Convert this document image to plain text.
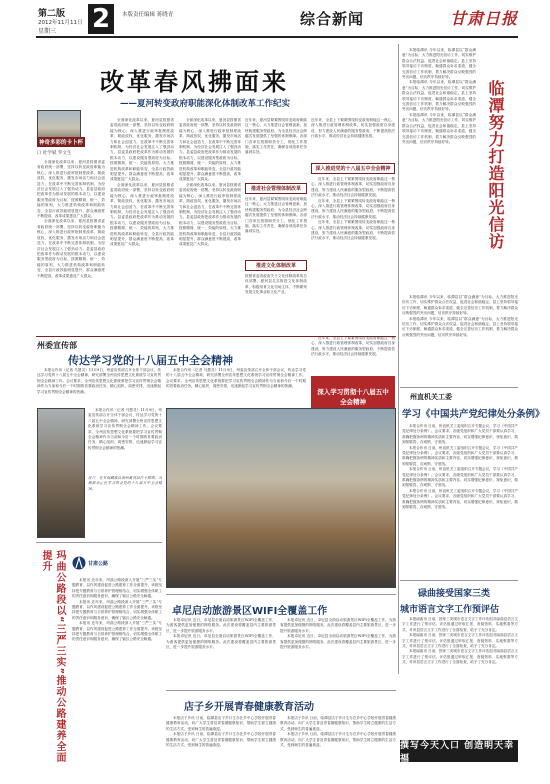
第二版
2012年11月11日
星期三 2	本版责任编辑 蒋晓青	综合新闻	甘肃日报
改革春风拂面来
——夏河转变政府职能深化体制改革工作纪实
神奇多彩的卡卜杯
口 杜学斌 罗文生

全面深化改革以来，夏河县按照省委省政府统一部署，坚持以转变政府职能为核心，深入推进行政审批制度改革，简政放权、优化服务，激发市场活力和社会创造力，在改革中不断完善体制机制，为经济社会发展注入了强劲动力。县委县政府把改革作为推动发展的根本动力，以建设服务型政府为目标，按照精简、统一、效能的原则，大力推进机构改革和职能转变，全县行政效能明显提升，群众满意度不断提高，改革成果惠及广大群众。

全面深化改革以来，夏河县按照省委省政府统一部署，坚持以转变政府职能为核心，深入推进行政审批制度改革，简政放权、优化服务，激发市场活力和社会创造力，在改革中不断完善体制机制，为经济社会发展注入了强劲动力。县委县政府把改革作为推动发展的根本动力，以建设服务型政府为目标，按照精简、统一、效能的原则，大力推进机构改革和职能转变，全县行政效能明显提升，群众满意度不断提高，改革成果惠及广大群众。

全面深化改革以来，夏河县按照省委省政府统一部署，坚持以转变政府职能为核心，深入推进行政审批制度改革，简政放权、优化服务，激发市场活力和社会创造力，在改革中不断完善体制机制，为经济社会发展注入了强劲动力。县委县政府把改革作为推动发展的根本动力，以建设服务型政府为目标，按照精简、统一、效能的原则，大力推进机构改革和职能转变，全县行政效能明显提升，群众满意度不断提高，改革成果惠及广大群众。

全面深化改革以来，夏河县按照省委省政府统一部署，坚持以转变政府职能为核心，深入推进行政审批制度改革，简政放权、优化服务，激发市场活力和社会创造力，在改革中不断完善体制机制，为经济社会发展注入了强劲动力。县委县政府把改革作为推动发展的根本动力，以建设服务型政府为目标，按照精简、统一、效能的原则，大力推进机构改革和职能转变，全县行政效能明显提升，群众满意度不断提高，改革成果惠及广大群众。

全面深化改革以来，夏河县按照省委省政府统一部署，坚持以转变政府职能为核心，深入推进行政审批制度改革，简政放权、优化服务，激发市场活力和社会创造力，在改革中不断完善体制机制，为经济社会发展注入了强劲动力。县委县政府把改革作为推动发展的根本动力，以建设服务型政府为目标，按照精简、统一、效能的原则，大力推进机构改革和职能转变，全县行政效能明显提升，群众满意度不断提高，改革成果惠及广大群众。

全面深化改革以来，夏河县按照省委省政府统一部署，坚持以转变政府职能为核心，深入推进行政审批制度改革，简政放权、优化服务，激发市场活力和社会创造力，在改革中不断完善体制机制，为经济社会发展注入了强劲动力。县委县政府把改革作为推动发展的根本动力，以建设服务型政府为目标，按照精简、统一、效能的原则，大力推进机构改革和职能转变，全县行政效能明显提升，群众满意度不断提高，改革成果惠及广大群众。

近年来，夏河县紧紧围绕转变政府职能这一核心，大力推进社会管理创新，加快构建服务型政府，为全县经济社会跨越式发展提供了坚强的体制保障。各部门各单位按照职责分工，细化工作措施，落实工作责任，确保各项改革任务落到实处。
推进社会管理体制改革
近年来，夏河县紧紧围绕转变政府职能这一核心，大力推进社会管理创新，加快构建服务型政府，为全县经济社会跨越式发展提供了坚强的体制保障。各部门各单位按照职责分工，细化工作措施，落实工作责任，确保各项改革任务落到实处。
推进文化体制改革
按照省委省政府关于文化体制改革的总体部署，夏河县扎实推进文化体制改革，积极培育文化市场主体，不断繁荣发展文化事业和文化产业。
近年来，全县上下紧紧围绕转变政府职能这一核心，深入推进行政管理体制改革，切实加强政府自身建设，努力建设人民满意的服务型政府，不断提高依法行政水平，推动经济社会持续健康发展。
深入推进党的十八届五中全会精神

近年来，全县上下紧紧围绕转变政府职能这一核心，深入推进行政管理体制改革，切实加强政府自身建设，努力建设人民满意的服务型政府，不断提高依法行政水平，推动经济社会持续健康发展。

近年来，全县上下紧紧围绕转变政府职能这一核心，深入推进行政管理体制改革，切实加强政府自身建设，努力建设人民满意的服务型政府，不断提高依法行政水平，推动经济社会持续健康发展。

近年来，全县上下紧紧围绕转变政府职能这一核心，深入推进行政管理体制改革，切实加强政府自身建设，努力建设人民满意的服务型政府，不断提高依法行政水平，推动经济社会持续健康发展。

本报临潭讯 今年以来，临潭县以“群众满意”为目标，大力推进阳光信访工作，切实维护群众合法权益，促进社会和谐稳定。县上坚持领导接访下访制度，畅通群众诉求渠道，健全完善信访工作机制，着力解决群众反映强烈的突出问题，信访秩序持续好转。

本报临潭讯 今年以来，临潭县以“群众满意”为目标，大力推进阳光信访工作，切实维护群众合法权益，促进社会和谐稳定。县上坚持领导接访下访制度，畅通群众诉求渠道，健全完善信访工作机制，着力解决群众反映强烈的突出问题，信访秩序持续好转。

本报临潭讯 今年以来，临潭县以“群众满意”为目标，大力推进阳光信访工作，切实维护群众合法权益，促进社会和谐稳定。县上坚持领导接访下访制度，畅通群众诉求渠道，健全完善信访工作机制，着力解决群众反映强烈的突出问题，信访秩序持续好转。	临潭努力打造阳光信访

本报临潭讯 今年以来，临潭县以“群众满意”为目标，大力推进阳光信访工作，切实维护群众合法权益，促进社会和谐稳定。县上坚持领导接访下访制度，畅通群众诉求渠道，健全完善信访工作机制，着力解决群众反映强烈的突出问题，信访秩序持续好转。

本报临潭讯 今年以来，临潭县以“群众满意”为目标，大力推进阳光信访工作，切实维护群众合法权益，促进社会和谐稳定。县上坚持领导接访下访制度，畅通群众诉求渠道，健全完善信访工作机制，着力解决群众反映强烈的突出问题，信访秩序持续好转。

州直机关工委
学习《中国共产党纪律处分条例》

本报合作讯 日前，州直机关工委组织召开专题会议，学习《中国共产党纪律处分条例》。会议要求，各级党组织和广大党员干部要认真学习、准确把握条例的精神实质和主要内容，切实增强纪律意识、规矩意识，做到知敬畏、存戒惧、守底线。

本报合作讯 日前，州直机关工委组织召开专题会议，学习《中国共产党纪律处分条例》。会议要求，各级党组织和广大党员干部要认真学习、准确把握条例的精神实质和主要内容，切实增强纪律意识、规矩意识，做到知敬畏、存戒惧、守底线。

本报合作讯 日前，州直机关工委组织召开专题会议，学习《中国共产党纪律处分条例》。会议要求，各级党组织和广大党员干部要认真学习、准确把握条例的精神实质和主要内容，切实增强纪律意识、规矩意识，做到知敬畏、存戒惧、守底线。

本报合作讯 日前，州直机关工委组织召开专题会议，学习《中国共产党纪律处分条例》。会议要求，各级党组织和广大党员干部要认真学习、准确把握条例的精神实质和主要内容，切实增强纪律意识、规矩意识，做到知敬畏、存戒惧、守底线。

碌曲接受国家三类
城市语言文字工作预评估

本报碌曲讯 日前，国家三类城市语言文字工作评估组对碌曲县语言文字工作进行了预评估。评估组通过听取汇报、查阅资料、实地察看等方式，对该县语言文字工作进行了全面检查，给予了充分肯定。

本报碌曲讯 日前，国家三类城市语言文字工作评估组对碌曲县语言文字工作进行了预评估。评估组通过听取汇报、查阅资料、实地察看等方式，对该县语言文字工作进行了全面检查，给予了充分肯定。

本报碌曲讯 日前，国家三类城市语言文字工作评估组对碌曲县语言文字工作进行了预评估。评估组通过听取汇报、查阅资料、实地察看等方式，对该县语言文字工作进行了全面检查，给予了充分肯定。

撰写今天入口 创造明天幸福
州委宣传部
传达学习党的十八届五中全会精神

本报合作讯（记者 马慧灵）11月9日，州委宣传部召开全体干部会议，传达学习党的十八届五中全会精神，研究部署全州宣传思想文化系统学习宣传贯彻全会精神工作。会议要求，全州宣传思想文化系统要把学习宣传贯彻全会精神作为当前和今后一个时期的首要政治任务，精心组织，周密安排，迅速掀起学习宣传贯彻全会精神的热潮。

本报合作讯（记者 马慧灵）11月9日，州委宣传部召开全体干部会议，传达学习党的十八届五中全会精神，研究部署全州宣传思想文化系统学习宣传贯彻全会精神工作。会议要求，全州宣传思想文化系统要把学习宣传贯彻全会精神作为当前和今后一个时期的首要政治任务，精心组织，周密安排，迅速掀起学习宣传贯彻全会精神的热潮。

深入学习贯彻十八届五中全会精神

近年来，全县上下紧紧围绕转变政府职能这一核心，深入推进行政管理体制改革，切实加强政府自身建设，努力建设人民满意的服务型政府，不断提高依法行政水平，推动经济社会持续健康发展。

近日，在甘南藏族自治州夏河县拉卜楞镇，当地群众正在学习领会党的十八届五中全会精神。

本报合作讯（记者 马慧灵）11月9日，州委宣传部召开全体干部会议，传达学习党的十八届五中全会精神，研究部署全州宣传思想文化系统学习宣传贯彻全会精神工作。会议要求，全州宣传思想文化系统要把学习宣传贯彻全会精神作为当前和今后一个时期的首要政治任务，精心组织，周密安排，迅速掀起学习宣传贯彻全会精神的热潮。

玛曲公路段以“三严三实”推动公路建养全面提升	甘肃公路

本报讯 近年来，玛曲公路段深入开展“三严三实”专题教育，以作风建设促进公路建养工作全面提升。该段坚持把专题教育与日常养护管理相结合，切实增强全体职工的责任意识和服务意识，确保了辖区公路安全畅通。

本报讯 近年来，玛曲公路段深入开展“三严三实”专题教育，以作风建设促进公路建养工作全面提升。该段坚持把专题教育与日常养护管理相结合，切实增强全体职工的责任意识和服务意识，确保了辖区公路安全畅通。

本报讯 近年来，玛曲公路段深入开展“三严三实”专题教育，以作风建设促进公路建养工作全面提升。该段坚持把专题教育与日常养护管理相结合，切实增强全体职工的责任意识和服务意识，确保了辖区公路安全畅通。

卓尼启动旅游景区WIFI全覆盖工作

本报卓尼讯 近日，卓尼县全面启动旅游景区WIFI全覆盖工作，为游客提供更加便捷的网络服务。此次建设将覆盖县内主要旅游景区，进一步提升旅游服务水平。

本报卓尼讯 近日，卓尼县全面启动旅游景区WIFI全覆盖工作，为游客提供更加便捷的网络服务。此次建设将覆盖县内主要旅游景区，进一步提升旅游服务水平。

本报卓尼讯 近日，卓尼县全面启动旅游景区WIFI全覆盖工作，为游客提供更加便捷的网络服务。此次建设将覆盖县内主要旅游景区，进一步提升旅游服务水平。

本报卓尼讯 近日，卓尼县全面启动旅游景区WIFI全覆盖工作，为游客提供更加便捷的网络服务。此次建设将覆盖县内主要旅游景区，进一步提升旅游服务水平。

店子乡开展青春健康教育活动

本报店子乡讯 日前，临潭县店子乡计生办在乡中心学校开展青春健康教育活动，向广大学生普及青春期健康知识，帮助学生树立健康的生活方式，受到师生的普遍欢迎。

本报店子乡讯 日前，临潭县店子乡计生办在乡中心学校开展青春健康教育活动，向广大学生普及青春期健康知识，帮助学生树立健康的生活方式，受到师生的普遍欢迎。

本报店子乡讯 日前，临潭县店子乡计生办在乡中心学校开展青春健康教育活动，向广大学生普及青春期健康知识，帮助学生树立健康的生活方式，受到师生的普遍欢迎。

本报店子乡讯 日前，临潭县店子乡计生办在乡中心学校开展青春健康教育活动，向广大学生普及青春期健康知识，帮助学生树立健康的生活方式，受到师生的普遍欢迎。
